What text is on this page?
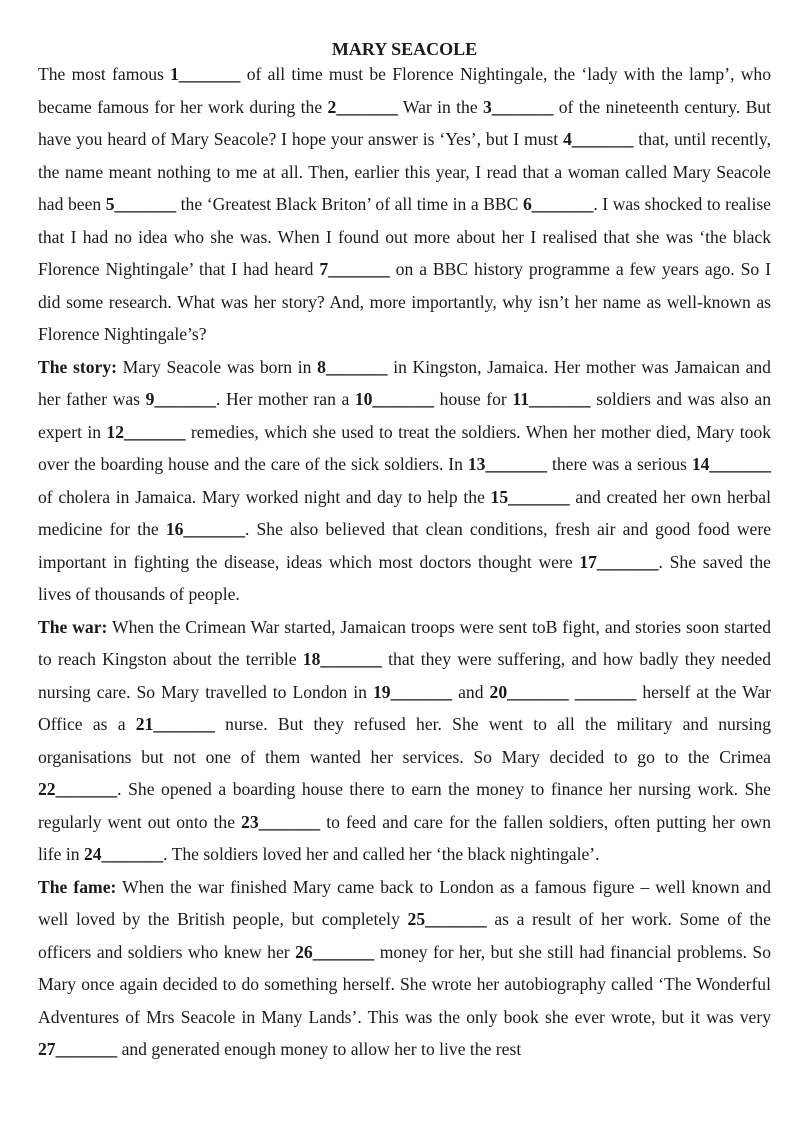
MARY SEACOLE

The most famous 1_______ of all time must be Florence Nightingale, the ‘lady with the lamp’, who became famous for her work during the 2_______ War in the 3_______ of the nineteenth century. But have you heard of Mary Seacole? I hope your answer is ‘Yes’, but I must 4_______ that, until recently, the name meant nothing to me at all. Then, earlier this year, I read that a woman called Mary Seacole had been 5_______ the ‘Greatest Black Briton’ of all time in a BBC 6_______. I was shocked to realise that I had no idea who she was. When I found out more about her I realised that she was ‘the black Florence Nightingale’ that I had heard 7_______ on a BBC history programme a few years ago. So I did some research. What was her story? And, more importantly, why isn’t her name as well-known as Florence Nightingale’s?

The story: Mary Seacole was born in 8_______ in Kingston, Jamaica. Her mother was Jamaican and her father was 9_______. Her mother ran a 10_______ house for 11_______ soldiers and was also an expert in 12_______ remedies, which she used to treat the soldiers. When her mother died, Mary took over the boarding house and the care of the sick soldiers. In 13_______ there was a serious 14_______ of cholera in Jamaica. Mary worked night and day to help the 15_______ and created her own herbal medicine for the 16_______. She also believed that clean conditions, fresh air and good food were important in fighting the disease, ideas which most doctors thought were 17_______. She saved the lives of thousands of people.

The war: When the Crimean War started, Jamaican troops were sent toB fight, and stories soon started to reach Kingston about the terrible 18_______ that they were suffering, and how badly they needed nursing care. So Mary travelled to London in 19_______ and 20_______ _______ herself at the War Office as a 21_______ nurse. But they refused her. She went to all the military and nursing organisations but not one of them wanted her services. So Mary decided to go to the Crimea 22_______. She opened a boarding house there to earn the money to finance her nursing work. She regularly went out onto the 23_______ to feed and care for the fallen soldiers, often putting her own life in 24_______. The soldiers loved her and called her ‘the black nightingale’.

The fame: When the war finished Mary came back to London as a famous figure – well known and well loved by the British people, but completely 25_______ as a result of her work. Some of the officers and soldiers who knew her 26_______ money for her, but she still had financial problems. So Mary once again decided to do something herself. She wrote her autobiography called ‘The Wonderful Adventures of Mrs Seacole in Many Lands’. This was the only book she ever wrote, but it was very 27_______ and generated enough money to allow her to live the rest
